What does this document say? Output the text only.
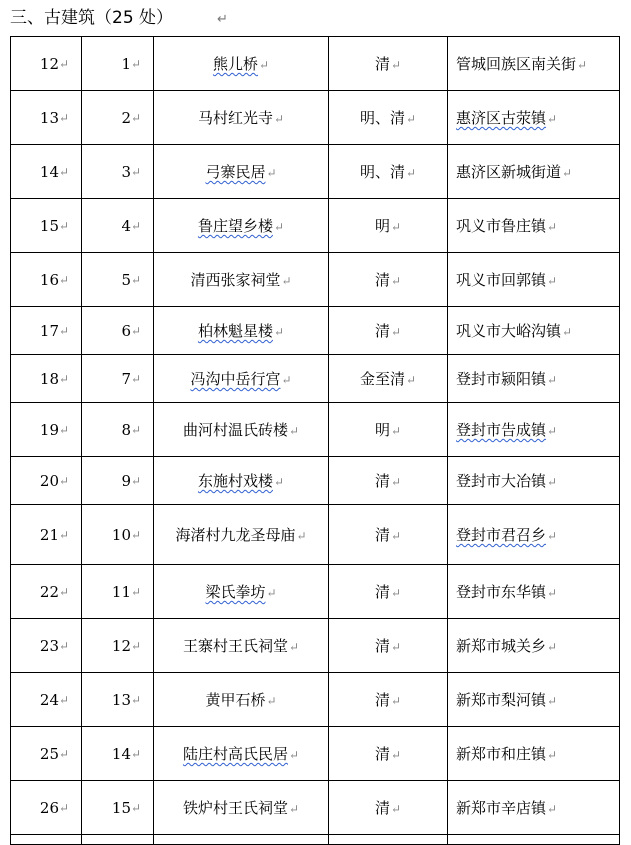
三、古建筑（25 处）	↵
12 ↵	1 ↵	熊儿桥↵	清↵	管城回族区南关街↵
13 ↵	2 ↵	马村红光寺↵	明、清↵	惠济区古荥镇↵
14 ↵	3 ↵	弓寨民居↵	明、清↵	惠济区新城街道↵
15 ↵	4 ↵	鲁庄望乡楼↵	明↵	巩义市鲁庄镇↵
16 ↵	5 ↵	清西张家祠堂↵	清↵	巩义市回郭镇↵
17 ↵	6 ↵	柏林魁星楼↵	清↵	巩义市大峪沟镇↵
18 ↵	7 ↵	冯沟中岳行宫↵	金至清↵	登封市颍阳镇↵
19 ↵	8 ↵	曲河村温氏砖楼↵	明↵	登封市告成镇↵
20 ↵	9 ↵	东施村戏楼↵	清↵	登封市大冶镇↵
21 ↵	10 ↵	海渚村九龙圣母庙↵	清↵	登封市君召乡↵
22 ↵	11 ↵	梁氏拳坊↵	清↵	登封市东华镇↵
23 ↵	12 ↵	王寨村王氏祠堂↵	清↵	新郑市城关乡↵
24 ↵	13 ↵	黄甲石桥↵	清↵	新郑市梨河镇↵
25 ↵	14 ↵	陆庄村高氏民居↵	清↵	新郑市和庄镇↵
26 ↵	15 ↵	铁炉村王氏祠堂↵	清↵	新郑市辛店镇↵
